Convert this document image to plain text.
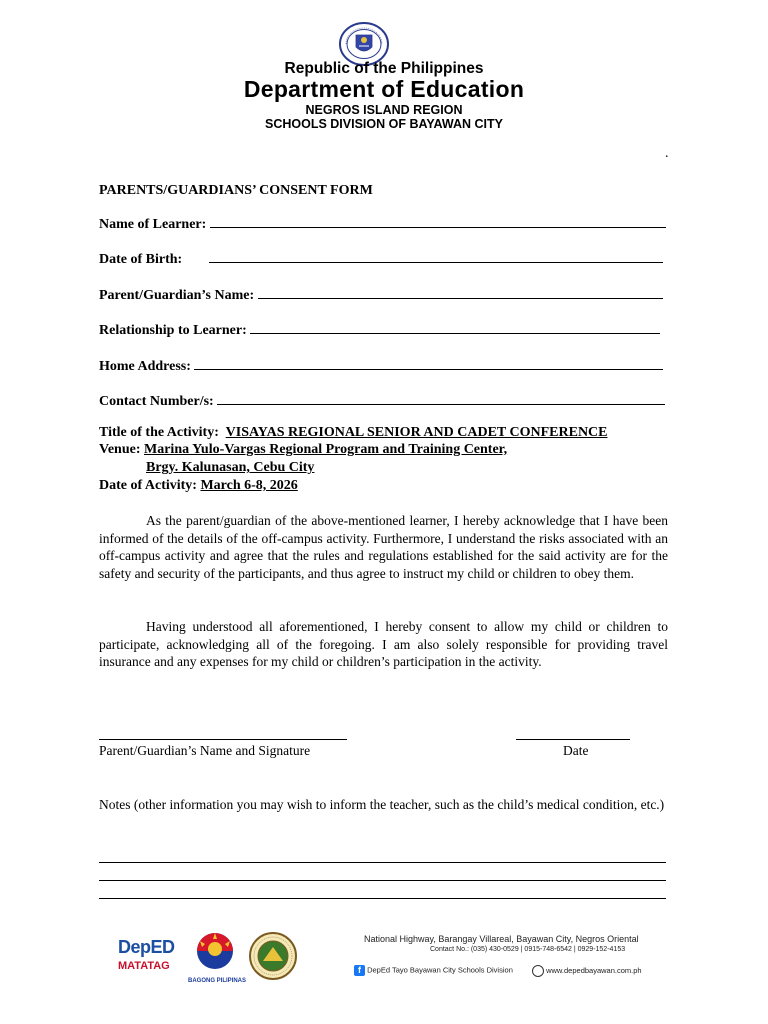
Republic of the Philippines
Department of Education
NEGROS ISLAND REGION
SCHOOLS DIVISION OF BAYAWAN CITY
.
PARENTS/GUARDIANS’ CONSENT FORM
Name of Learner:
Date of Birth:
Parent/Guardian’s Name:
Relationship to Learner:
Home Address:
Contact Number/s:
Title of the Activity: VISAYAS REGIONAL SENIOR AND CADET CONFERENCE
Venue: Marina Yulo-Vargas Regional Program and Training Center,
Brgy. Kalunasan, Cebu City
Date of Activity: March 6-8, 2026
As the parent/guardian of the above-mentioned learner, I hereby acknowledge that I have been informed of the details of the off-campus activity. Furthermore, I understand the risks associated with an off-campus activity and agree that the rules and regulations established for the said activity are for the safety and security of the participants, and thus agree to instruct my child or children to obey them.
Having understood all aforementioned, I hereby consent to allow my child or children to participate, acknowledging all of the foregoing. I am also solely responsible for providing travel insurance and any expenses for my child or children’s participation in the activity.
Parent/Guardian’s Name and Signature	Date
Notes (other information you may wish to inform the teacher, such as the child’s medical condition, etc.)
DepED
MATATAG
BAGONG PILIPINAS
National Highway, Barangay Villareal, Bayawan City, Negros Oriental
Contact No.: (035) 430-0529 | 0915-748-6542 | 0929-152-4153
f DepEd Tayo Bayawan City Schools Division	www.depedbayawan.com.ph
